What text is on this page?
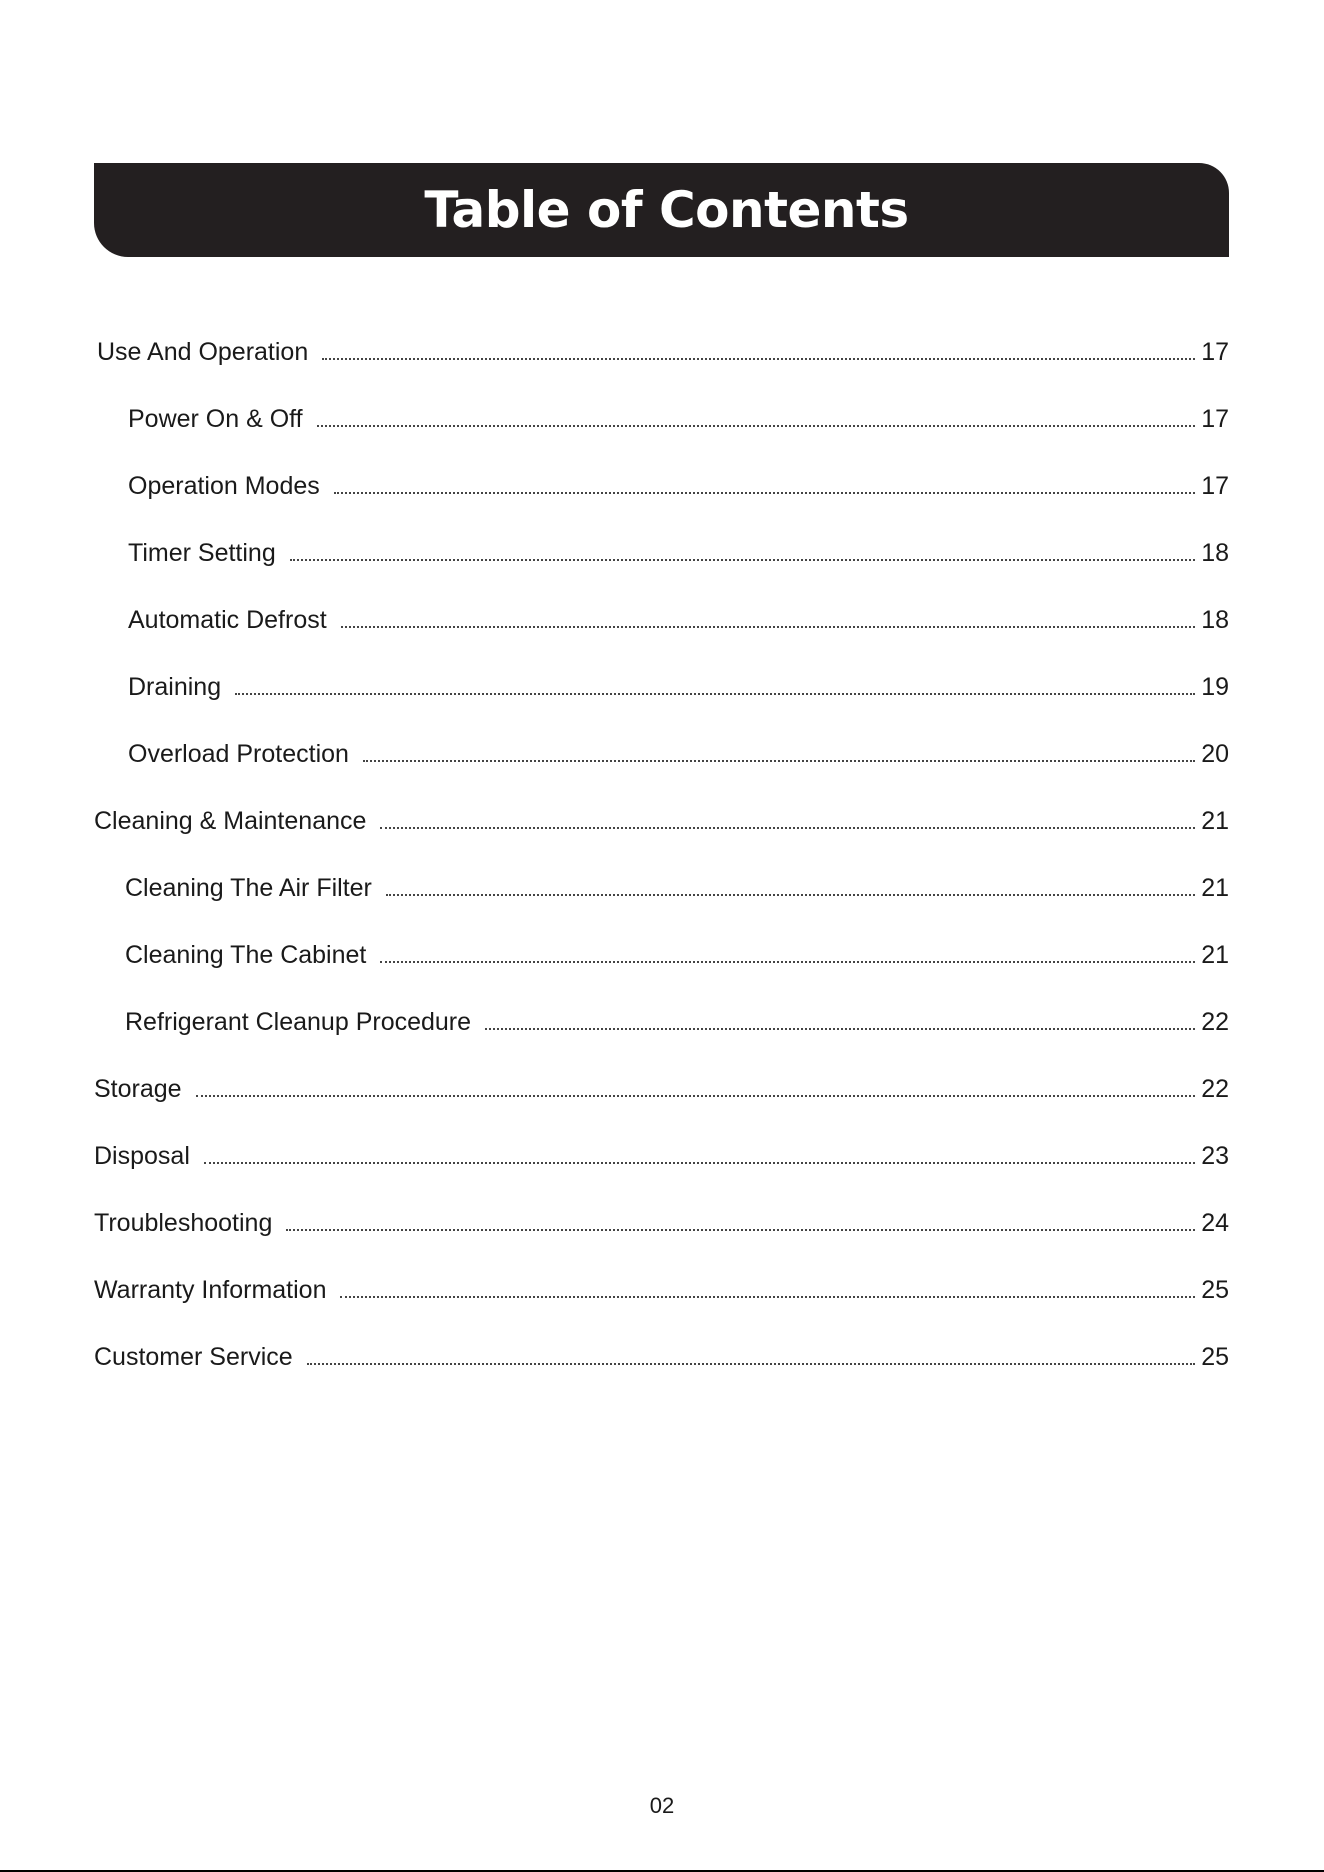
Table of Contents
Use And Operation	17
Power On & Off	17
Operation Modes	17
Timer Setting	18
Automatic Defrost	18
Draining	19
Overload Protection	20
Cleaning & Maintenance	21
Cleaning The Air Filter	21
Cleaning The Cabinet	21
Refrigerant Cleanup Procedure	22
Storage	22
Disposal	23
Troubleshooting	24
Warranty Information	25
Customer Service	25
02
